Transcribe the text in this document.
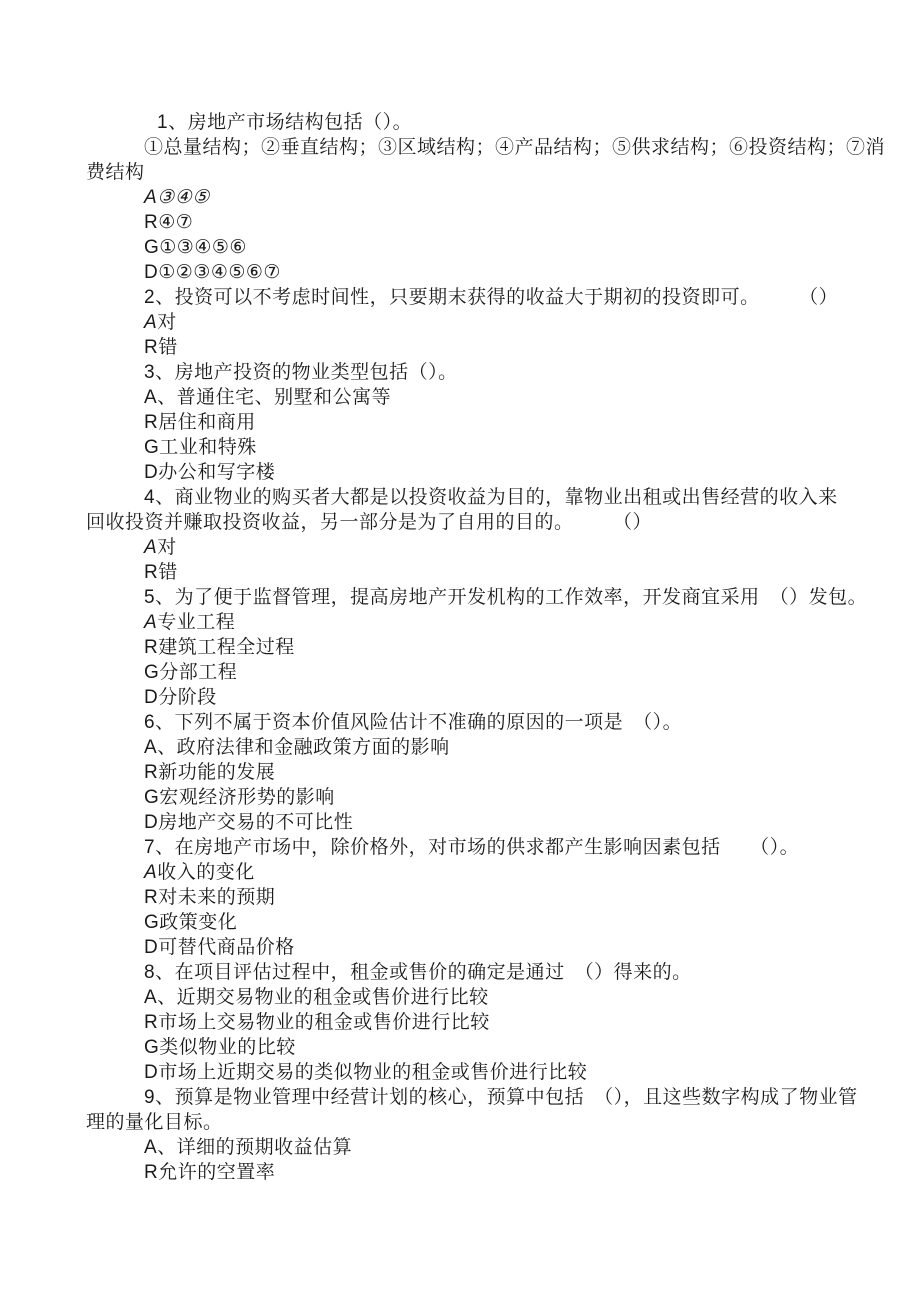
1、房地产市场结构包括（）。

①总量结构；②垂直结构；③区域结构；④产品结构；⑤供求结构；⑥投资结构；⑦消

费结构

A③④⑤

R④⑦

G①③④⑤⑥

D①②③④⑤⑥⑦

2、投资可以不考虑时间性，只要期末获得的收益大于期初的投资即可。　　　（）

A对

R错

3、房地产投资的物业类型包括（）。

A、普通住宅、别墅和公寓等

R居住和商用

G工业和特殊

D办公和写字楼

4、商业物业的购买者大都是以投资收益为目的，靠物业出租或出售经营的收入来

回收投资并赚取投资收益，另一部分是为了自用的目的。　　　（）

A对

R错

5、为了便于监督管理，提高房地产开发机构的工作效率，开发商宜采用　（）发包。

A专业工程

R建筑工程全过程

G分部工程

D分阶段

6、下列不属于资本价值风险估计不准确的原因的一项是　（）。

A、政府法律和金融政策方面的影响

R新功能的发展

G宏观经济形势的影响

D房地产交易的不可比性

7、在房地产市场中，除价格外，对市场的供求都产生影响因素包括　　（）。

A收入的变化

R对未来的预期

G政策变化

D可替代商品价格

8、在项目评估过程中，租金或售价的确定是通过　（）得来的。

A、近期交易物业的租金或售价进行比较

R市场上交易物业的租金或售价进行比较

G类似物业的比较

D市场上近期交易的类似物业的租金或售价进行比较

9、预算是物业管理中经营计划的核心，预算中包括　（），且这些数字构成了物业管

理的量化目标。

A、详细的预期收益估算

R允许的空置率
